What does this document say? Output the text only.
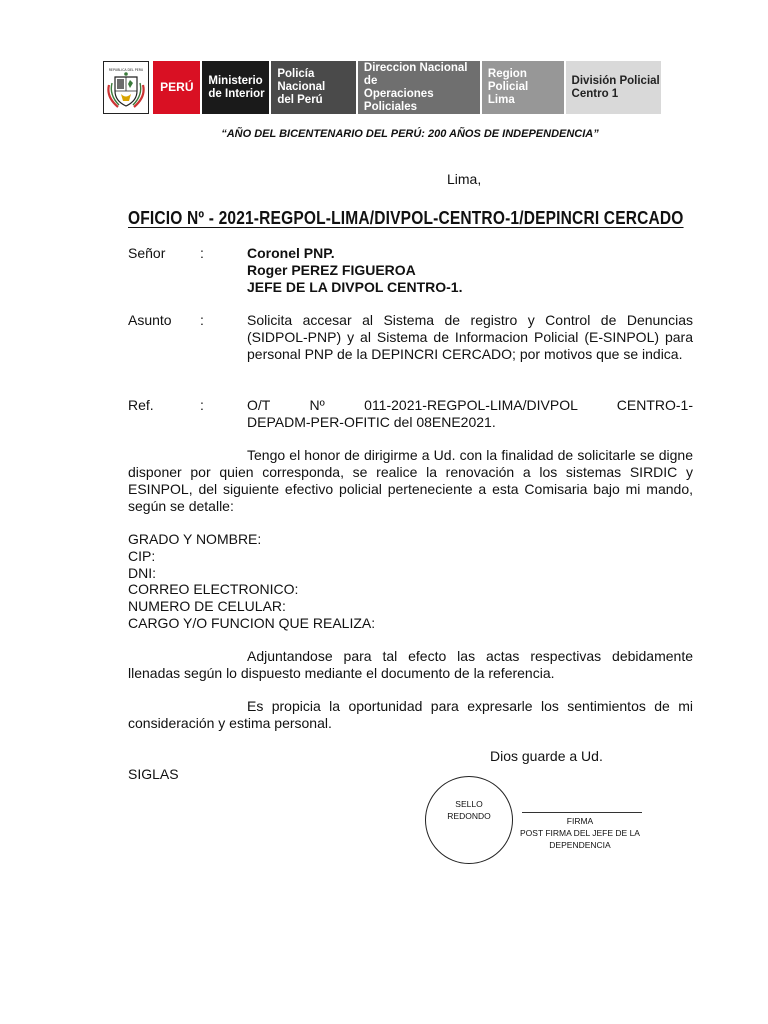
REPUBLICA DEL PERU
PERÚ Ministerio
de Interior
Policía Nacional
del Perú
Direccion Nacional de
Operaciones Policiales
Region Policial
Lima
División Policial
Centro 1
“AÑO DEL BICENTENARIO DEL PERÚ: 200 AÑOS DE INDEPENDENCIA”
Lima,
OFICIO Nº - 2021-REGPOL-LIMA/DIVPOL-CENTRO-1/DEPINCRI CERCADO
Señor :	Coronel PNP.
Roger PEREZ FIGUEROA
JEFE DE LA DIVPOL CENTRO-1.
Asunto :	Solicita accesar al Sistema de registro y Control de Denuncias (SIDPOL-PNP) y al Sistema de Informacion Policial (E-SINPOL) para personal PNP de la DEPINCRI CERCADO; por motivos que se indica.
Ref.	:	O/T Nº 011-2021-REGPOL-LIMA/DIVPOL CENTRO-1-
DEPADM-PER-OFITIC del 08ENE2021.
Tengo el honor de dirigirme a Ud. con la finalidad de solicitarle se digne disponer por quien corresponda, se realice la renovación a los sistemas SIRDIC y ESINPOL, del siguiente efectivo policial perteneciente a esta Comisaria bajo mi mando, según se detalle:
GRADO Y NOMBRE:
CIP:
DNI:
CORREO ELECTRONICO:
NUMERO DE CELULAR:
CARGO Y/O FUNCION QUE REALIZA:
Adjuntandose para tal efecto las actas respectivas debidamente llenadas según lo dispuesto mediante el documento de la referencia.
Es propicia la oportunidad para expresarle los sentimientos de mi consideración y estima personal.
Dios guarde a Ud.
SIGLAS
SELLO
REDONDO	FIRMA
POST FIRMA DEL JEFE DE LA
DEPENDENCIA
